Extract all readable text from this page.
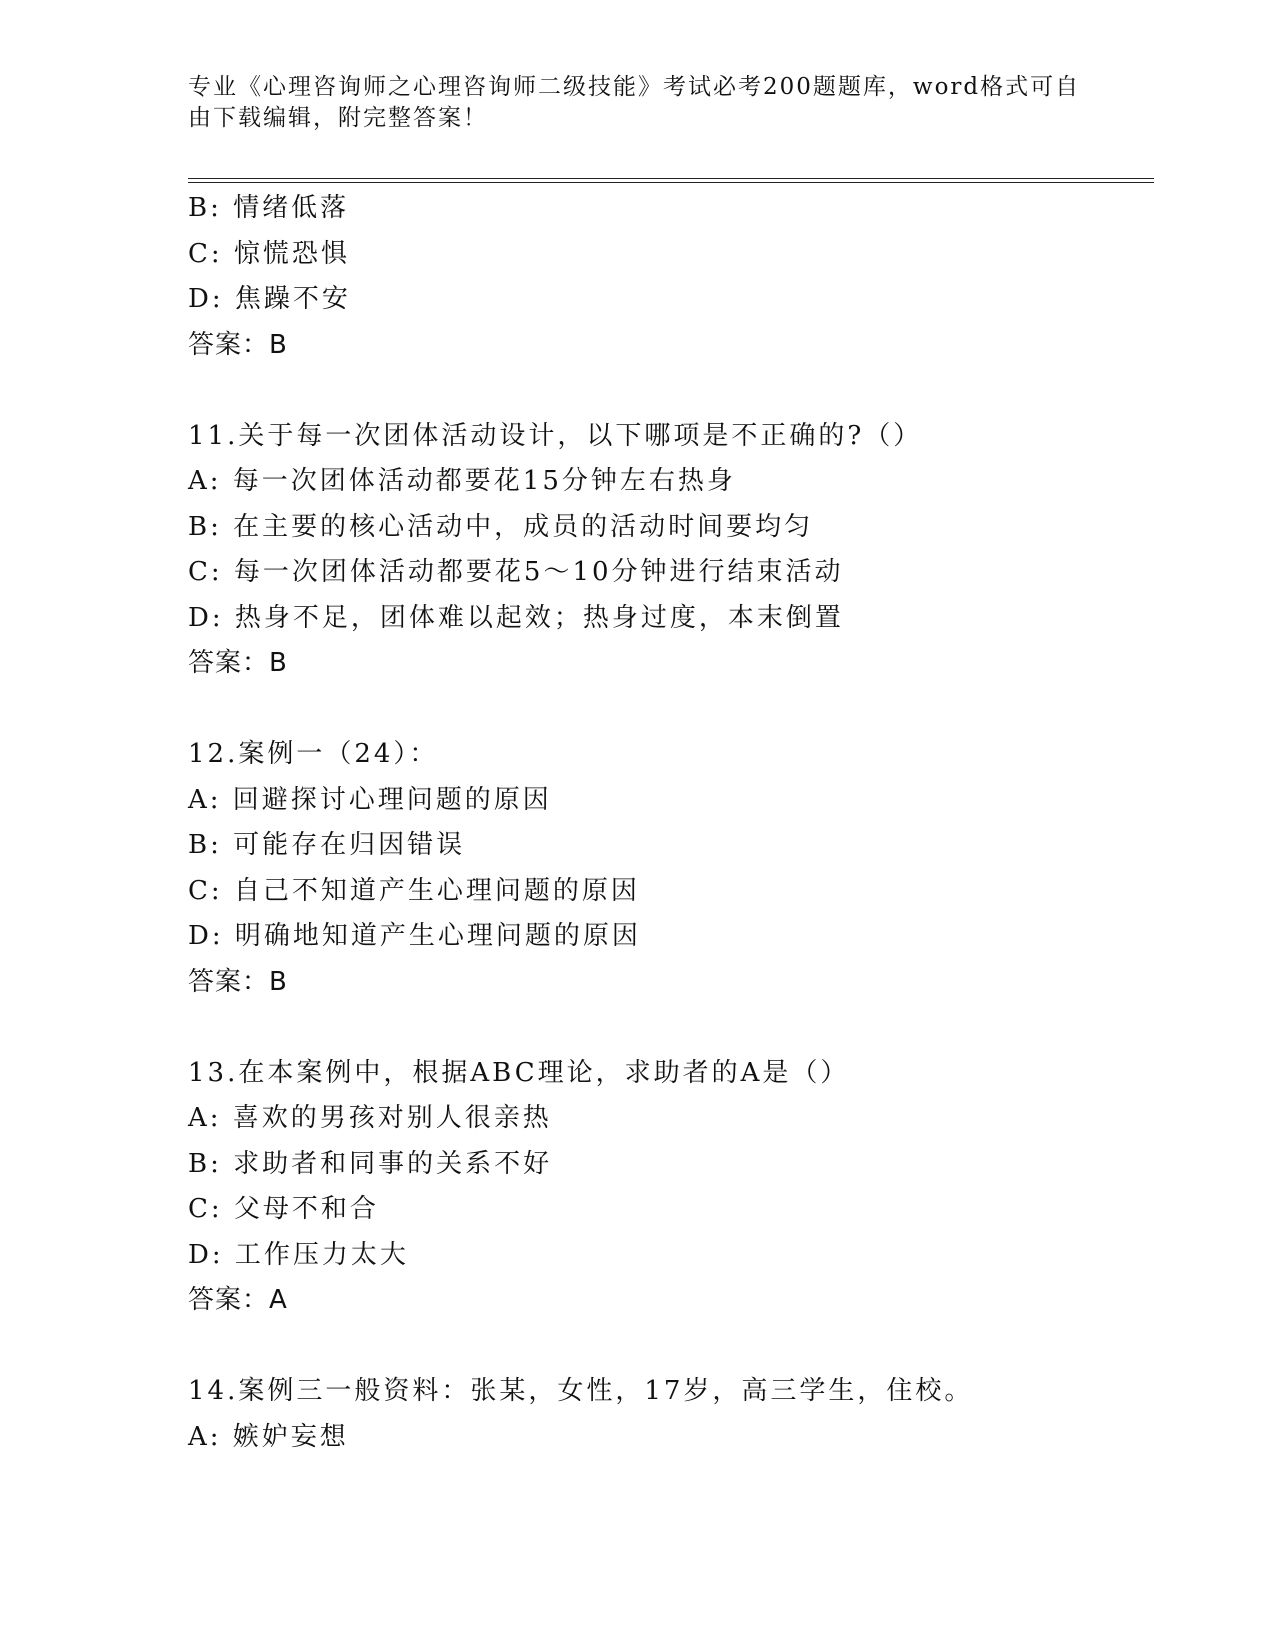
专业《心理咨询师之心理咨询师二级技能》考试必考200题题库，word格式可自
由下载编辑，附完整答案！
B: 情绪低落
C: 惊慌恐惧
D: 焦躁不安
答案：B
11.关于每一次团体活动设计，以下哪项是不正确的?（）
A: 每一次团体活动都要花15分钟左右热身
B: 在主要的核心活动中，成员的活动时间要均匀
C: 每一次团体活动都要花5～10分钟进行结束活动
D: 热身不足，团体难以起效；热身过度，本末倒置
答案：B
12.案例一（24）：
A: 回避探讨心理问题的原因
B: 可能存在归因错误
C: 自己不知道产生心理问题的原因
D: 明确地知道产生心理问题的原因
答案：B
13.在本案例中，根据ABC理论，求助者的A是（）
A: 喜欢的男孩对别人很亲热
B: 求助者和同事的关系不好
C: 父母不和合
D: 工作压力太大
答案：A
14.案例三一般资料：张某，女性，17岁，高三学生，住校。
A: 嫉妒妄想
